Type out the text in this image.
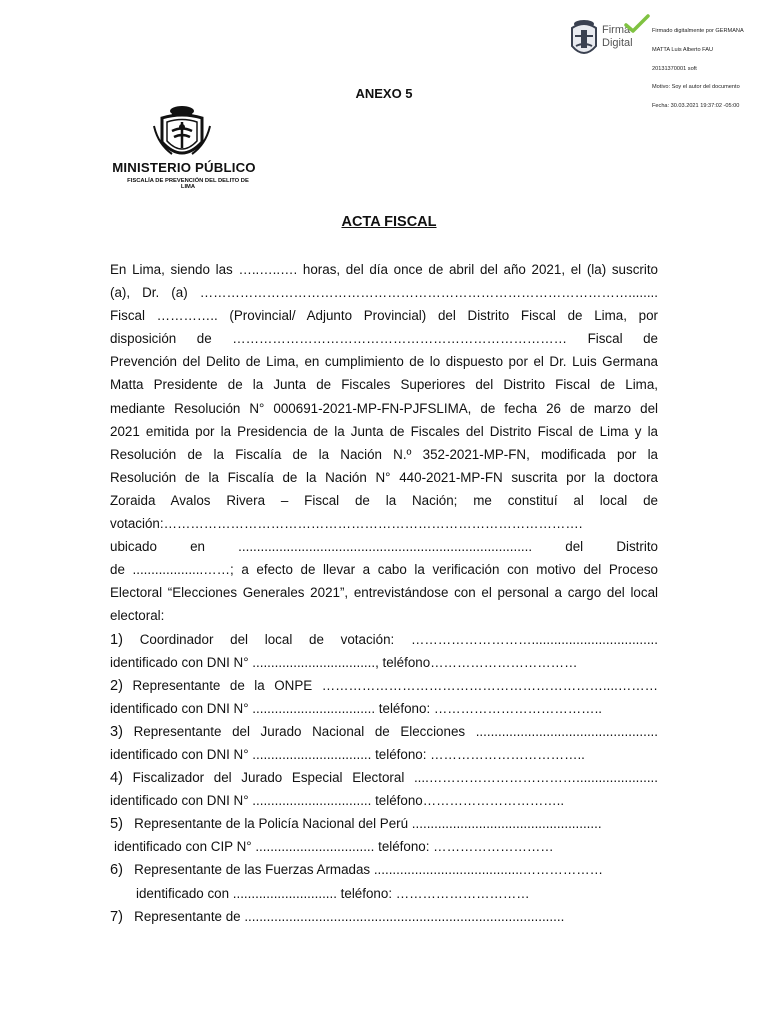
Firma
Digital

Firmado digitalmente por GERMANA

MATTA Luis Alberto FAU

20131370001 soft

Motivo: Soy el autor del documento

Fecha: 30.03.2021 19:37:02 -05:00

ANEXO 5
MINISTERIO PÚBLICO
FISCALÍA DE PREVENCIÓN DEL DELITO DE
LIMA
ACTA FISCAL
En Lima, siendo las …..…..…. horas, del día once de abril del año 2021, el (la) suscrito
(a), Dr. (a) ……………………………………………………………………………………........
Fiscal ………….. (Provincial/ Adjunto Provincial) del Distrito Fiscal de Lima, por
disposición de ………………………………………………………………… Fiscal de
Prevención del Delito de Lima, en cumplimiento de lo dispuesto por el Dr. Luis Germana
Matta Presidente de la Junta de Fiscales Superiores del Distrito Fiscal de Lima,
mediante Resolución N° 000691-2021-MP-FN-PJFSLIMA, de fecha 26 de marzo del
2021 emitida por la Presidencia de la Junta de Fiscales del Distrito Fiscal de Lima y la
Resolución de la Fiscalía de la Nación N.º 352-2021-MP-FN, modificada por la
Resolución de la Fiscalía de la Nación N° 440-2021-MP-FN suscrita por la doctora
Zoraida Avalos Rivera – Fiscal de la Nación; me constituí al local de
votación:………………………………………………………………………………….
ubicado en ............................................................................... del Distrito
de ...................……; a efecto de llevar a cabo la verificación con motivo del Proceso
Electoral “Elecciones Generales 2021”, entrevistándose con el personal a cargo del local
electoral:
1) Coordinador del local de votación: ………………………..................................
identificado con DNI N° ................................., teléfono……………………………
2) Representante de la ONPE ………………………………………………………....………
identificado con DNI N° ................................. teléfono: ………………………………..
3) Representante del Jurado Nacional de Elecciones .................................................
identificado con DNI N° ................................ teléfono: ……………………………..
4) Fiscalizador del Jurado Especial Electoral ....……………………………......................
identificado con DNI N° ................................ teléfono…………………………..
5) Representante de la Policía Nacional del Perú ...................................................
identificado con CIP N° ................................ teléfono: ………………………
6) Representante de las Fuerzas Armadas ........................................………………
identificado con ............................ teléfono: …………………………
7) Representante de ......................................................................................
